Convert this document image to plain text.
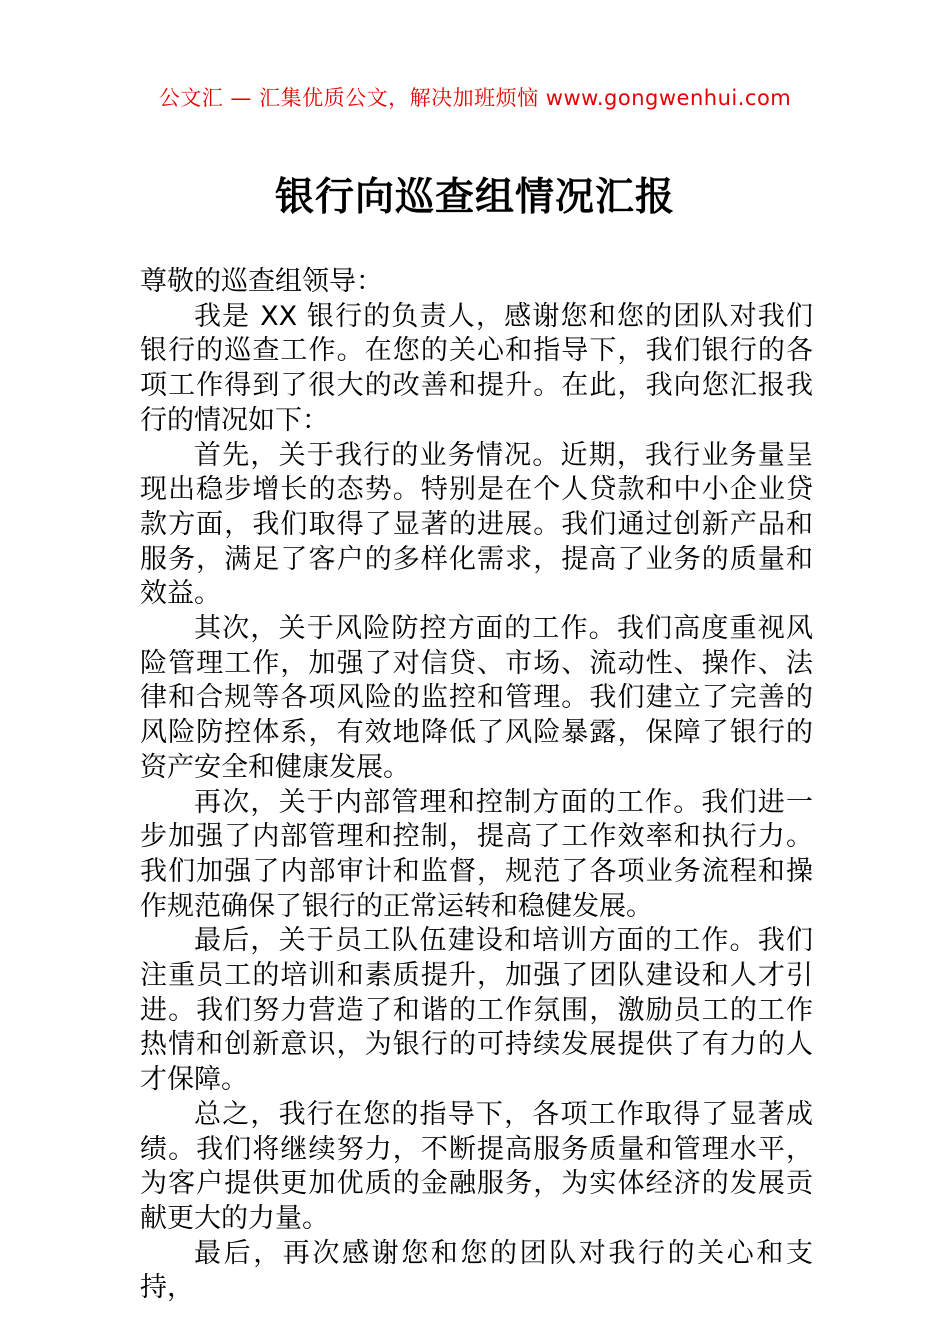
公文汇 — 汇集优质公文，解决加班烦恼 www.gongwenhui.com
银行向巡查组情况汇报

尊敬的巡查组领导：

我是 XX 银行的负责人，感谢您和您的团队对我们银行的巡查工作。在您的关心和指导下，我们银行的各项工作得到了很大的改善和提升。在此，我向您汇报我行的情况如下：

首先，关于我行的业务情况。近期，我行业务量呈现出稳步增长的态势。特别是在个人贷款和中小企业贷款方面，我们取得了显著的进展。我们通过创新产品和服务，满足了客户的多样化需求，提高了业务的质量和效益。

其次，关于风险防控方面的工作。我们高度重视风险管理工作，加强了对信贷、市场、流动性、操作、法律和合规等各项风险的监控和管理。我们建立了完善的风险防控体系，有效地降低了风险暴露，保障了银行的资产安全和健康发展。

再次，关于内部管理和控制方面的工作。我们进一步加强了内部管理和控制，提高了工作效率和执行力。我们加强了内部审计和监督，规范了各项业务流程和操作规范确保了银行的正常运转和稳健发展。

最后，关于员工队伍建设和培训方面的工作。我们注重员工的培训和素质提升，加强了团队建设和人才引进。我们努力营造了和谐的工作氛围，激励员工的工作热情和创新意识，为银行的可持续发展提供了有力的人才保障。

总之，我行在您的指导下，各项工作取得了显著成绩。我们将继续努力，不断提高服务质量和管理水平，为客户提供更加优质的金融服务，为实体经济的发展贡献更大的力量。

最后，再次感谢您和您的团队对我行的关心和支持，
